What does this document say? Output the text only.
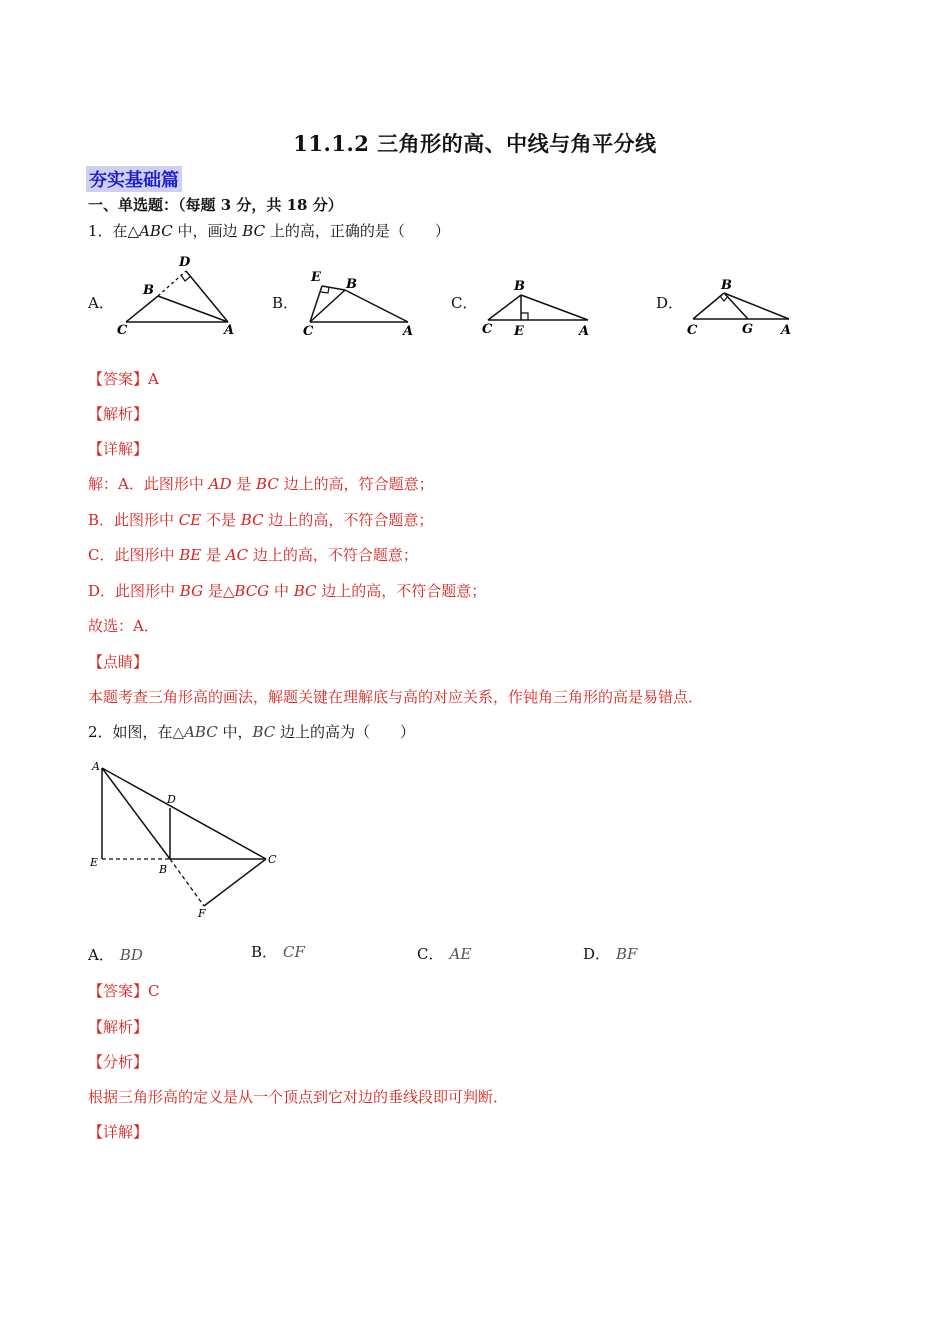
11.1.2 三角形的高、中线与角平分线
夯实基础篇
一、单选题：（每题 3 分，共 18 分）
1．在△ABC 中，画边 BC 上的高，正确的是（　　）
A．	B．	C．	D．
D
B
C	A
E B
C	A
B
C E	A
B
C	G A
【答案】A
【解析】
【详解】
解：A．此图形中 AD 是 BC 边上的高，符合题意；
B．此图形中 CE 不是 BC 边上的高，不符合题意；
C．此图形中 BE 是 AC 边上的高，不符合题意；
D．此图形中 BG 是△BCG 中 BC 边上的高，不符合题意；
故选：A．
【点睛】
本题考查三角形高的画法，解题关键在理解底与高的对应关系，作钝角三角形的高是易错点．
2．如图，在△ABC 中，BC 边上的高为（　　）
A
D
E
B
C
F
A． BD	B． CF	C． AE	D． BF
【答案】C
【解析】
【分析】
根据三角形高的定义是从一个顶点到它对边的垂线段即可判断．
【详解】
